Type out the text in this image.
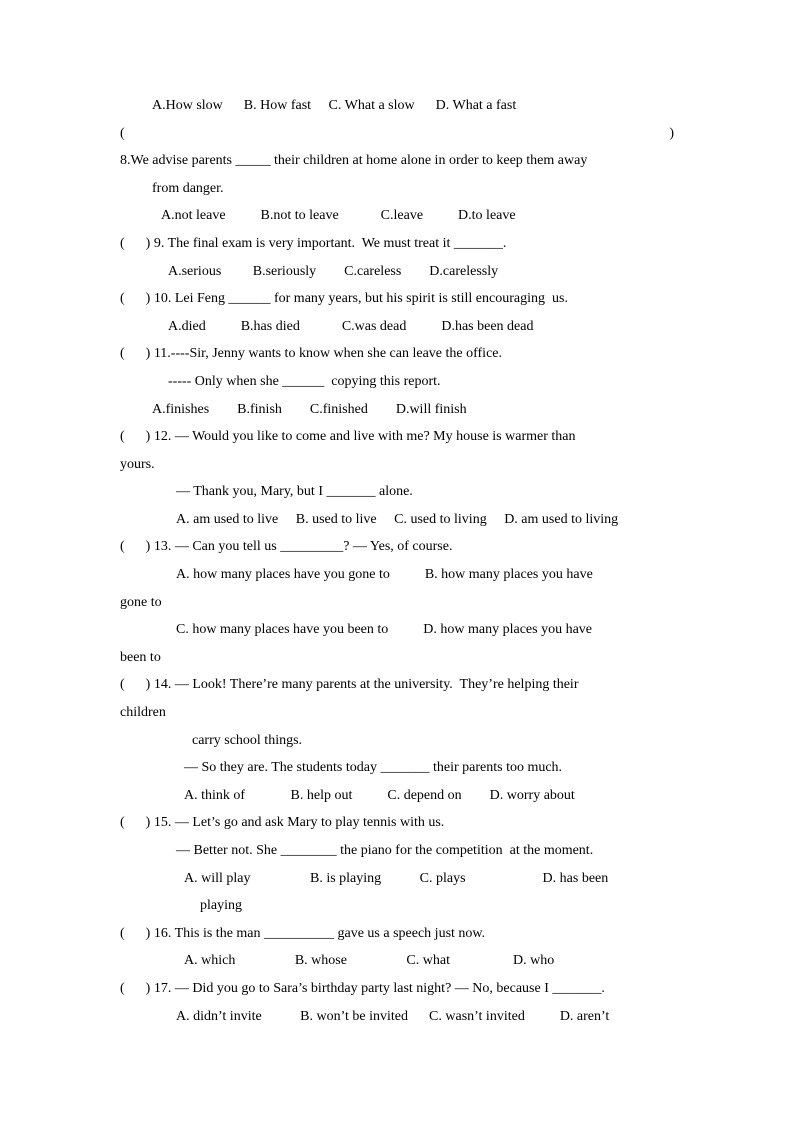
A.How slow      B. How fast     C. What a slow      D. What a fast
(	)
8.We advise parents _____ their children at home alone in order to keep them away
from danger.
A.not leave          B.not to leave            C.leave          D.to leave
(      ) 9. The final exam is very important.  We must treat it _______.
A.serious         B.seriously        C.careless        D.carelessly
(      ) 10. Lei Feng ______ for many years, but his spirit is still encouraging  us.
A.died          B.has died            C.was dead          D.has been dead
(      ) 11.----Sir, Jenny wants to know when she can leave the office.
----- Only when she ______  copying this report.
A.finishes        B.finish        C.finished        D.will finish
(      ) 12. — Would you like to come and live with me? My house is warmer than
yours.
— Thank you, Mary, but I _______ alone.
A. am used to live     B. used to live     C. used to living     D. am used to living
(      ) 13. — Can you tell us _________? — Yes, of course.
A. how many places have you gone to          B. how many places you have
gone to
C. how many places have you been to          D. how many places you have
been to
(      ) 14. — Look! There’re many parents at the university.  They’re helping their
children
carry school things.
— So they are. The students today _______ their parents too much.
A. think of             B. help out          C. depend on        D. worry about
(      ) 15. — Let’s go and ask Mary to play tennis with us.
— Better not. She ________ the piano for the competition  at the moment.
A. will play                 B. is playing           C. plays                      D. has been
playing
(      ) 16. This is the man __________ gave us a speech just now.
A. which                 B. whose                 C. what                  D. who
(      ) 17. — Did you go to Sara’s birthday party last night? — No, because I _______.
A. didn’t invite           B. won’t be invited      C. wasn’t invited          D. aren’t
